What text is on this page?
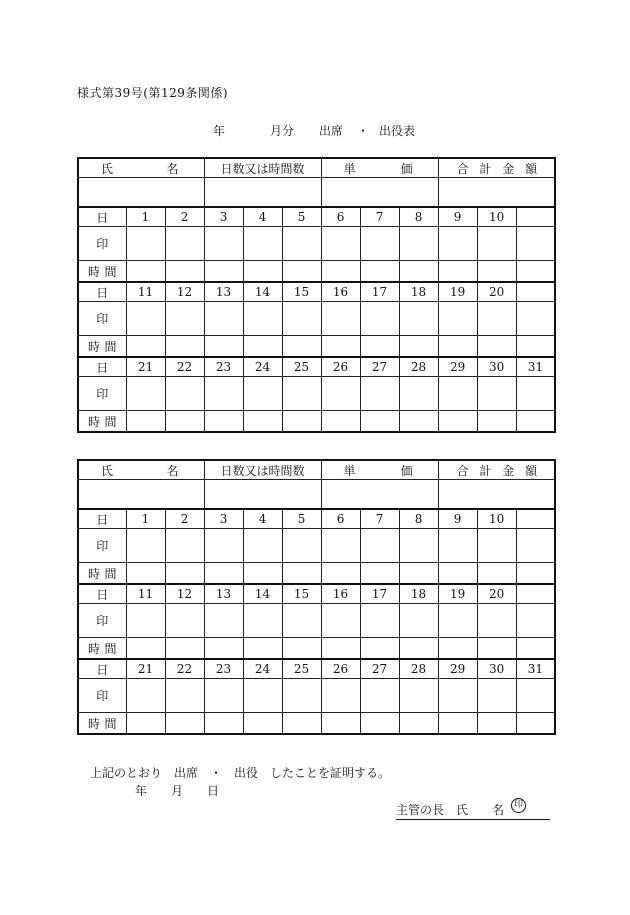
様式第39号(第129条関係)
年	月分 出席 ・ 出役表
氏 名			日数又は時間数			単 価			合 計 金 額		

日	1	2	3	4	5	6	7	8	9	10	
印											

時 間											

日	11	12	13	14	15	16	17	18	19	20	
印											

時 間											

日	21	22	23	24	25	26	27	28	29	30	31
印											

時 間											

氏 名			日数又は時間数			単 価			合 計 金 額		

日	1	2	3	4	5	6	7	8	9	10	
印											

時 間											

日	11	12	13	14	15	16	17	18	19	20	
印											

時 間											

日	21	22	23	24	25	26	27	28	29	30	31
印											

時 間											

上記のとおり　出席　・　出役　したことを証明する。
年　　月　　日
主管の長　氏　　名	印
